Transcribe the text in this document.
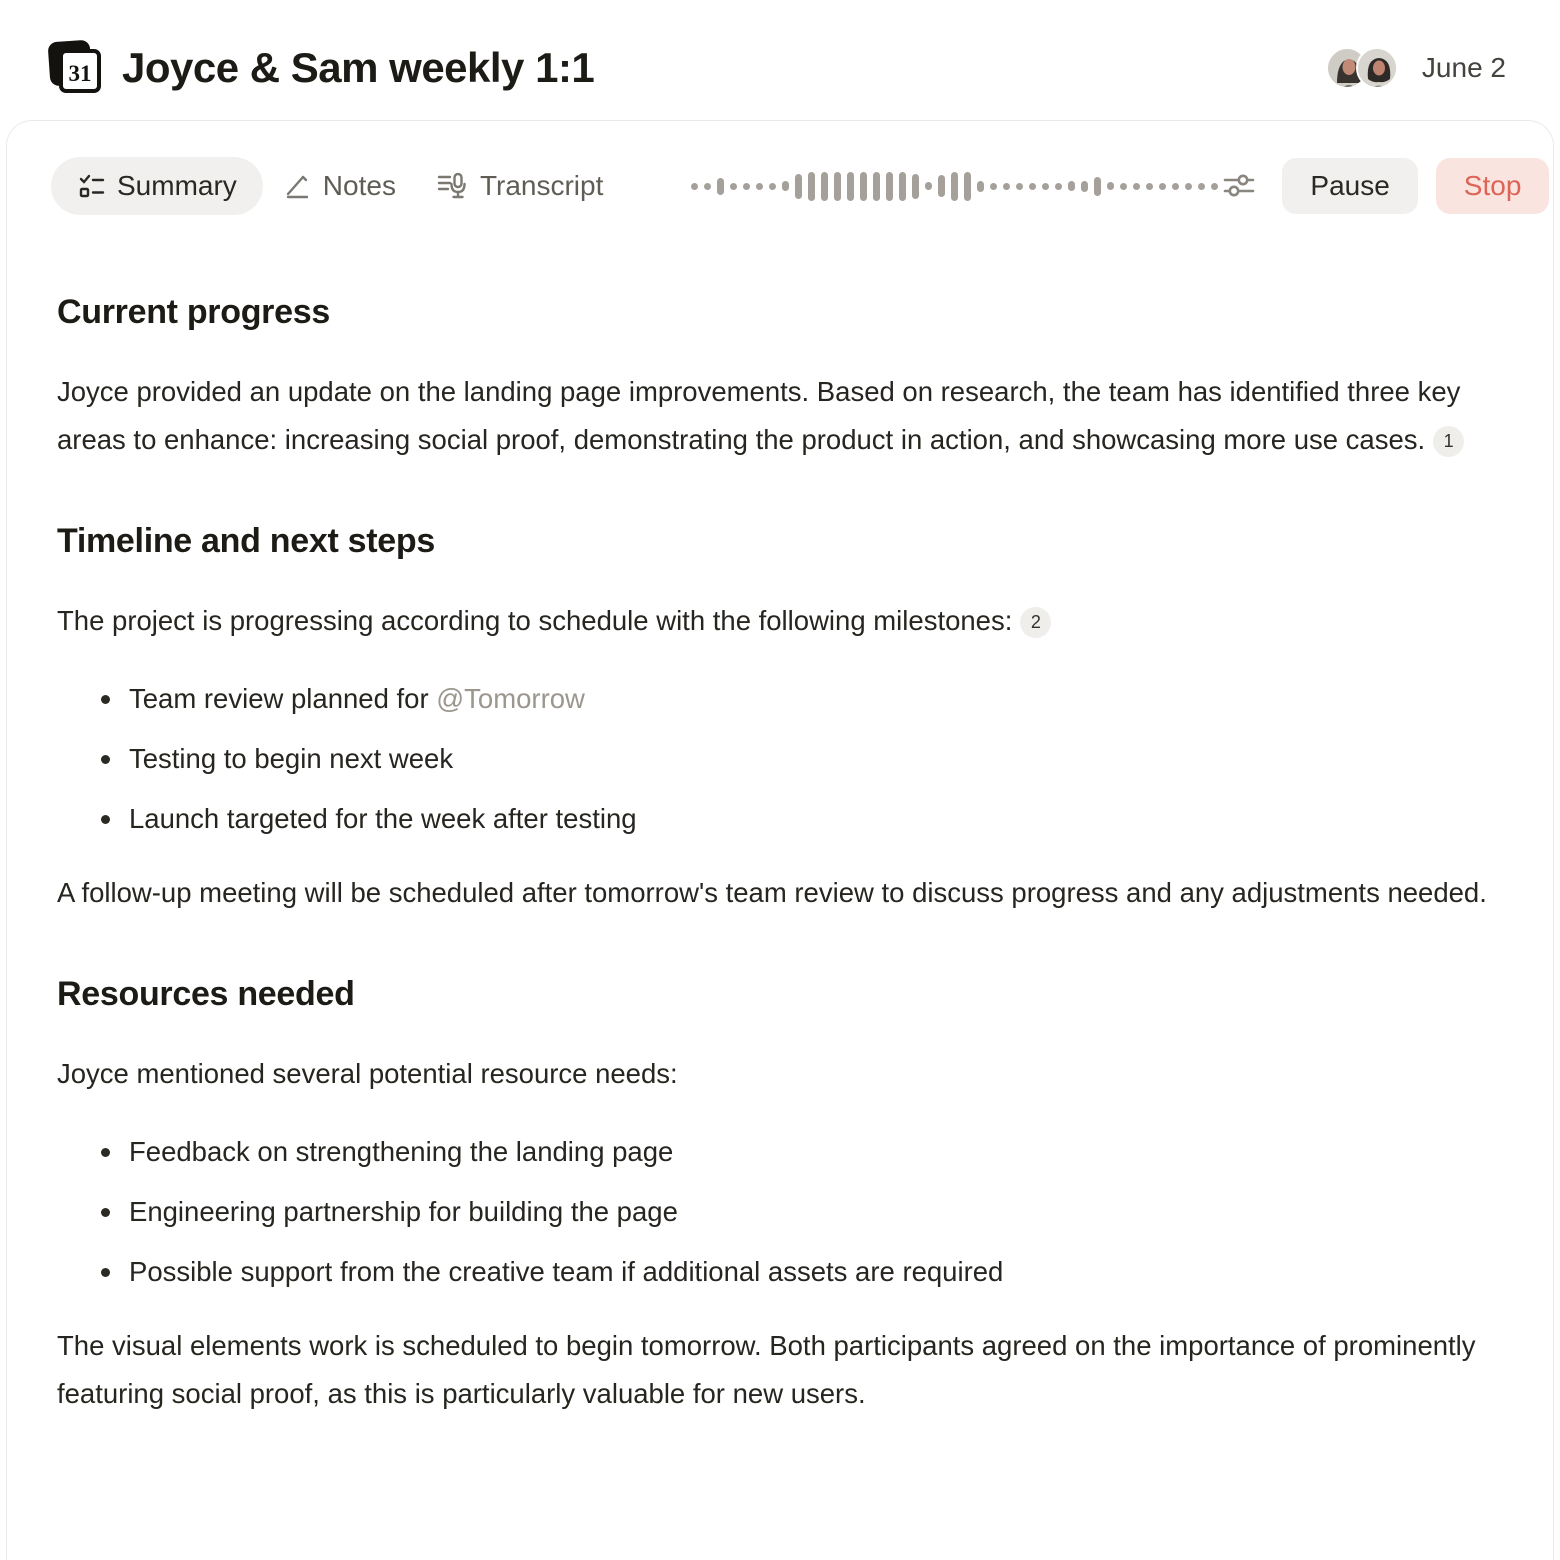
31 Joyce & Sam weekly 1:1	June 2
Summary	Notes	Transcript	Pause	Stop
Current progress

Joyce provided an update on the landing page improvements. Based on research, the team has identified three key areas to enhance: increasing social proof, demonstrating the product in action, and showcasing more use cases. 1

Timeline and next steps

The project is progressing according to schedule with the following milestones: 2

Team review planned for @Tomorrow
Testing to begin next week
Launch targeted for the week after testing

A follow-up meeting will be scheduled after tomorrow's team review to discuss progress and any adjustments needed.

Resources needed

Joyce mentioned several potential resource needs:

Feedback on strengthening the landing page
Engineering partnership for building the page
Possible support from the creative team if additional assets are required

The visual elements work is scheduled to begin tomorrow. Both participants agreed on the importance of prominently featuring social proof, as this is particularly valuable for new users.
